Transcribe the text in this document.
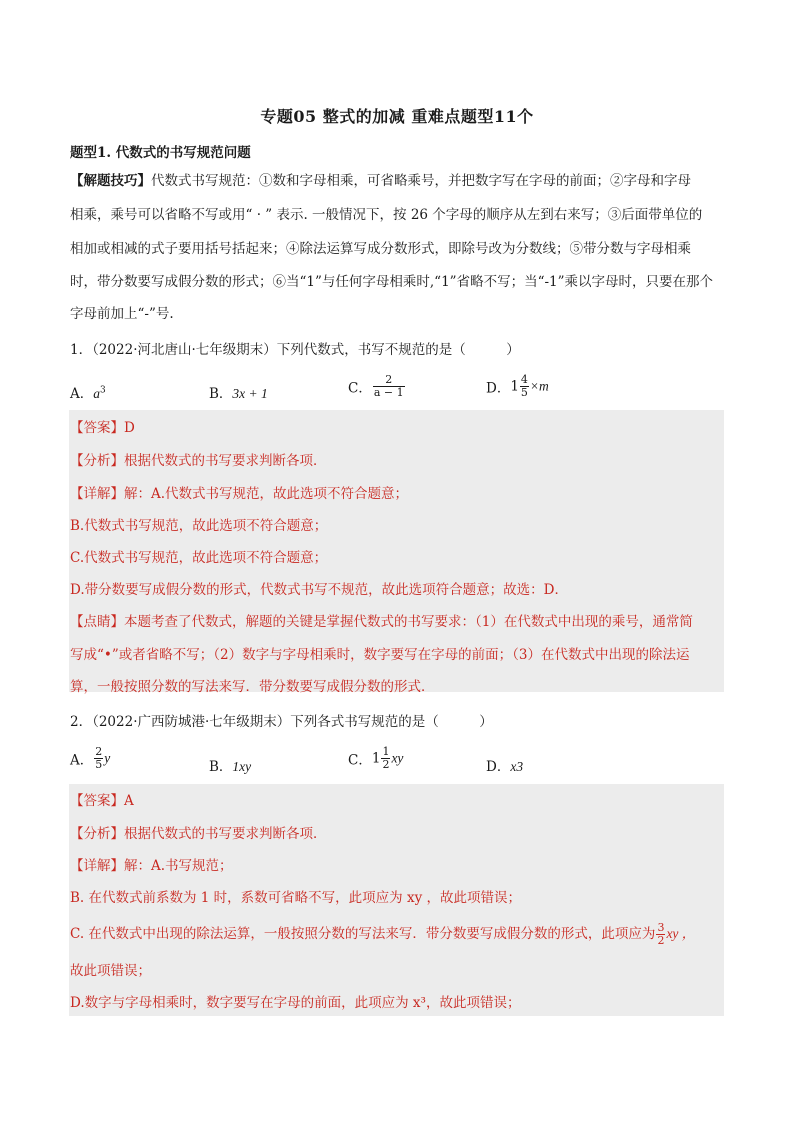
专题05 整式的加减 重难点题型11个
题型1. 代数式的书写规范问题
【解题技巧】代数式书写规范：①数和字母相乘，可省略乘号，并把数字写在字母的前面；②字母和字母
相乘，乘号可以省略不写或用“ · ” 表示. 一般情况下，按 26 个字母的顺序从左到右来写；③后面带单位的
相加或相减的式子要用括号括起来；④除法运算写成分数形式，即除号改为分数线；⑤带分数与字母相乘
时，带分数要写成假分数的形式；⑥当“1”与任何字母相乘时,“1”省略不写；当“-1”乘以字母时，只要在那个
字母前加上“-”号.
1．（2022·河北唐山·七年级期末）下列代数式，书写不规范的是（　　　）
A．$a^3$	B．3x + 1	C． $\frac{2}{a - 1}$	D．$1 \frac{4}{5} \times m$
【答案】D
【分析】根据代数式的书写要求判断各项．
【详解】解：A.代数式书写规范，故此选项不符合题意；
B.代数式书写规范，故此选项不符合题意；
C.代数式书写规范，故此选项不符合题意；
D.带分数要写成假分数的形式，代数式书写不规范，故此选项符合题意；故选：D．
【点睛】本题考查了代数式，解题的关键是掌握代数式的书写要求：（1）在代数式中出现的乘号，通常简
写成“•”或者省略不写；（2）数字与字母相乘时，数字要写在字母的前面；（3）在代数式中出现的除法运
算，一般按照分数的写法来写．带分数要写成假分数的形式．
2．（2022·广西防城港·七年级期末）下列各式书写规范的是（　　　）
A． $\frac{2}{5}$ y
B．1xy	C．$1 \frac{1}{2}$ xy
D．x3
【答案】A
【分析】根据代数式的书写要求判断各项．
【详解】解：A.书写规范；
B. 在代数式前系数为 1 时，系数可省略不写，此项应为 xy ，故此项错误；
C. 在代数式中出现的除法运算，一般按照分数的写法来写．带分数要写成假分数的形式，此项应为 $\frac{3}{2}$ xy ，
故此项错误；
D.数字与字母相乘时，数字要写在字母的前面，此项应为 x³，故此项错误；
